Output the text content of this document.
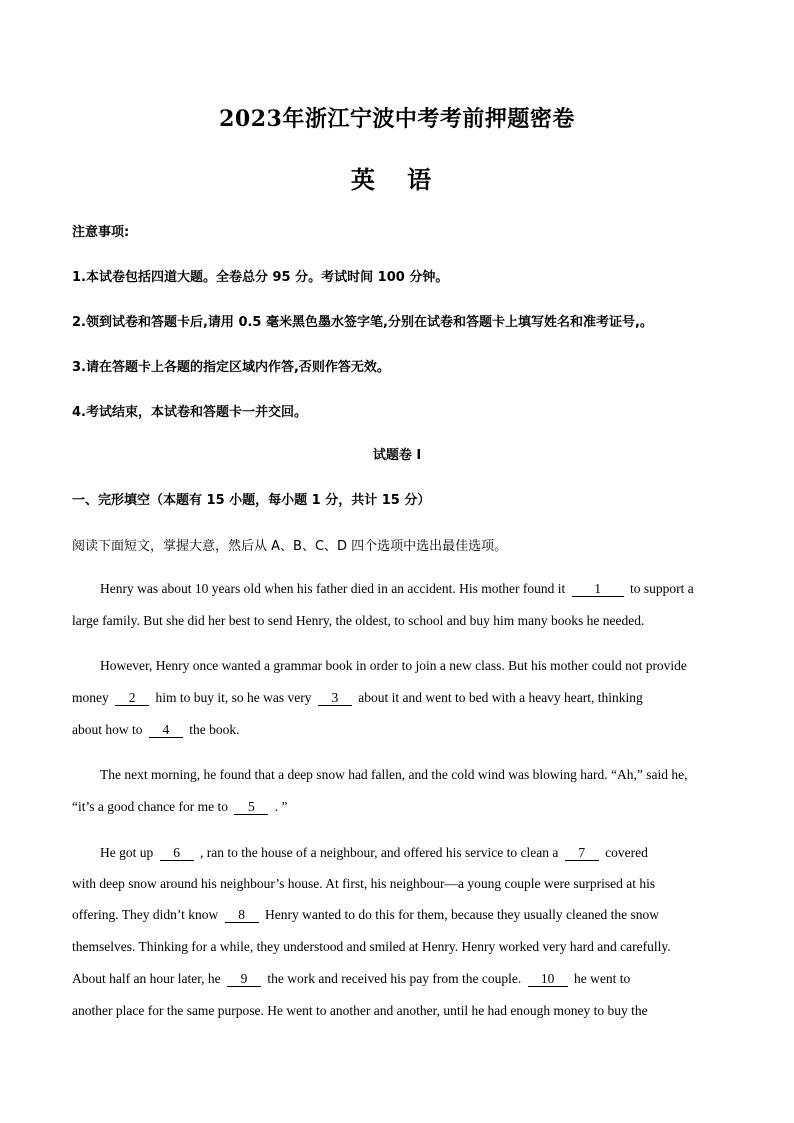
2023年浙江宁波中考考前押题密卷
英 语
注意事项:
1.本试卷包括四道大题。全卷总分 95 分。考试时间 100 分钟。
2.领到试卷和答题卡后,请用 0.5 毫米黑色墨水签字笔,分别在试卷和答题卡上填写姓名和准考证号,。
3.请在答题卡上各题的指定区域内作答,否则作答无效。
4.考试结束，本试卷和答题卡一并交回。
试题卷 I
一、完形填空（本题有 15 小题，每小题 1 分，共计 15 分）
阅读下面短文，掌握大意，然后从 A、B、C、D 四个选项中选出最佳选项。
Henry was about 10 years old when his father died in an accident. His mother found it 1 to support a
large family. But she did her best to send Henry, the oldest, to school and buy him many books he needed.
However, Henry once wanted a grammar book in order to join a new class. But his mother could not provide
money 2 him to buy it, so he was very 3 about it and went to bed with a heavy heart, thinking
about how to 4 the book.
The next morning, he found that a deep snow had fallen, and the cold wind was blowing hard. “Ah,” said he,
“it’s a good chance for me to 5 . ”
He got up 6 , ran to the house of a neighbour, and offered his service to clean a 7 covered
with deep snow around his neighbour’s house. At first, his neighbour—a young couple were surprised at his
offering. They didn’t know 8 Henry wanted to do this for them, because they usually cleaned the snow
themselves. Thinking for a while, they understood and smiled at Henry. Henry worked very hard and carefully.
About half an hour later, he 9 the work and received his pay from the couple. 10 he went to
another place for the same purpose. He went to another and another, until he had enough money to buy the
